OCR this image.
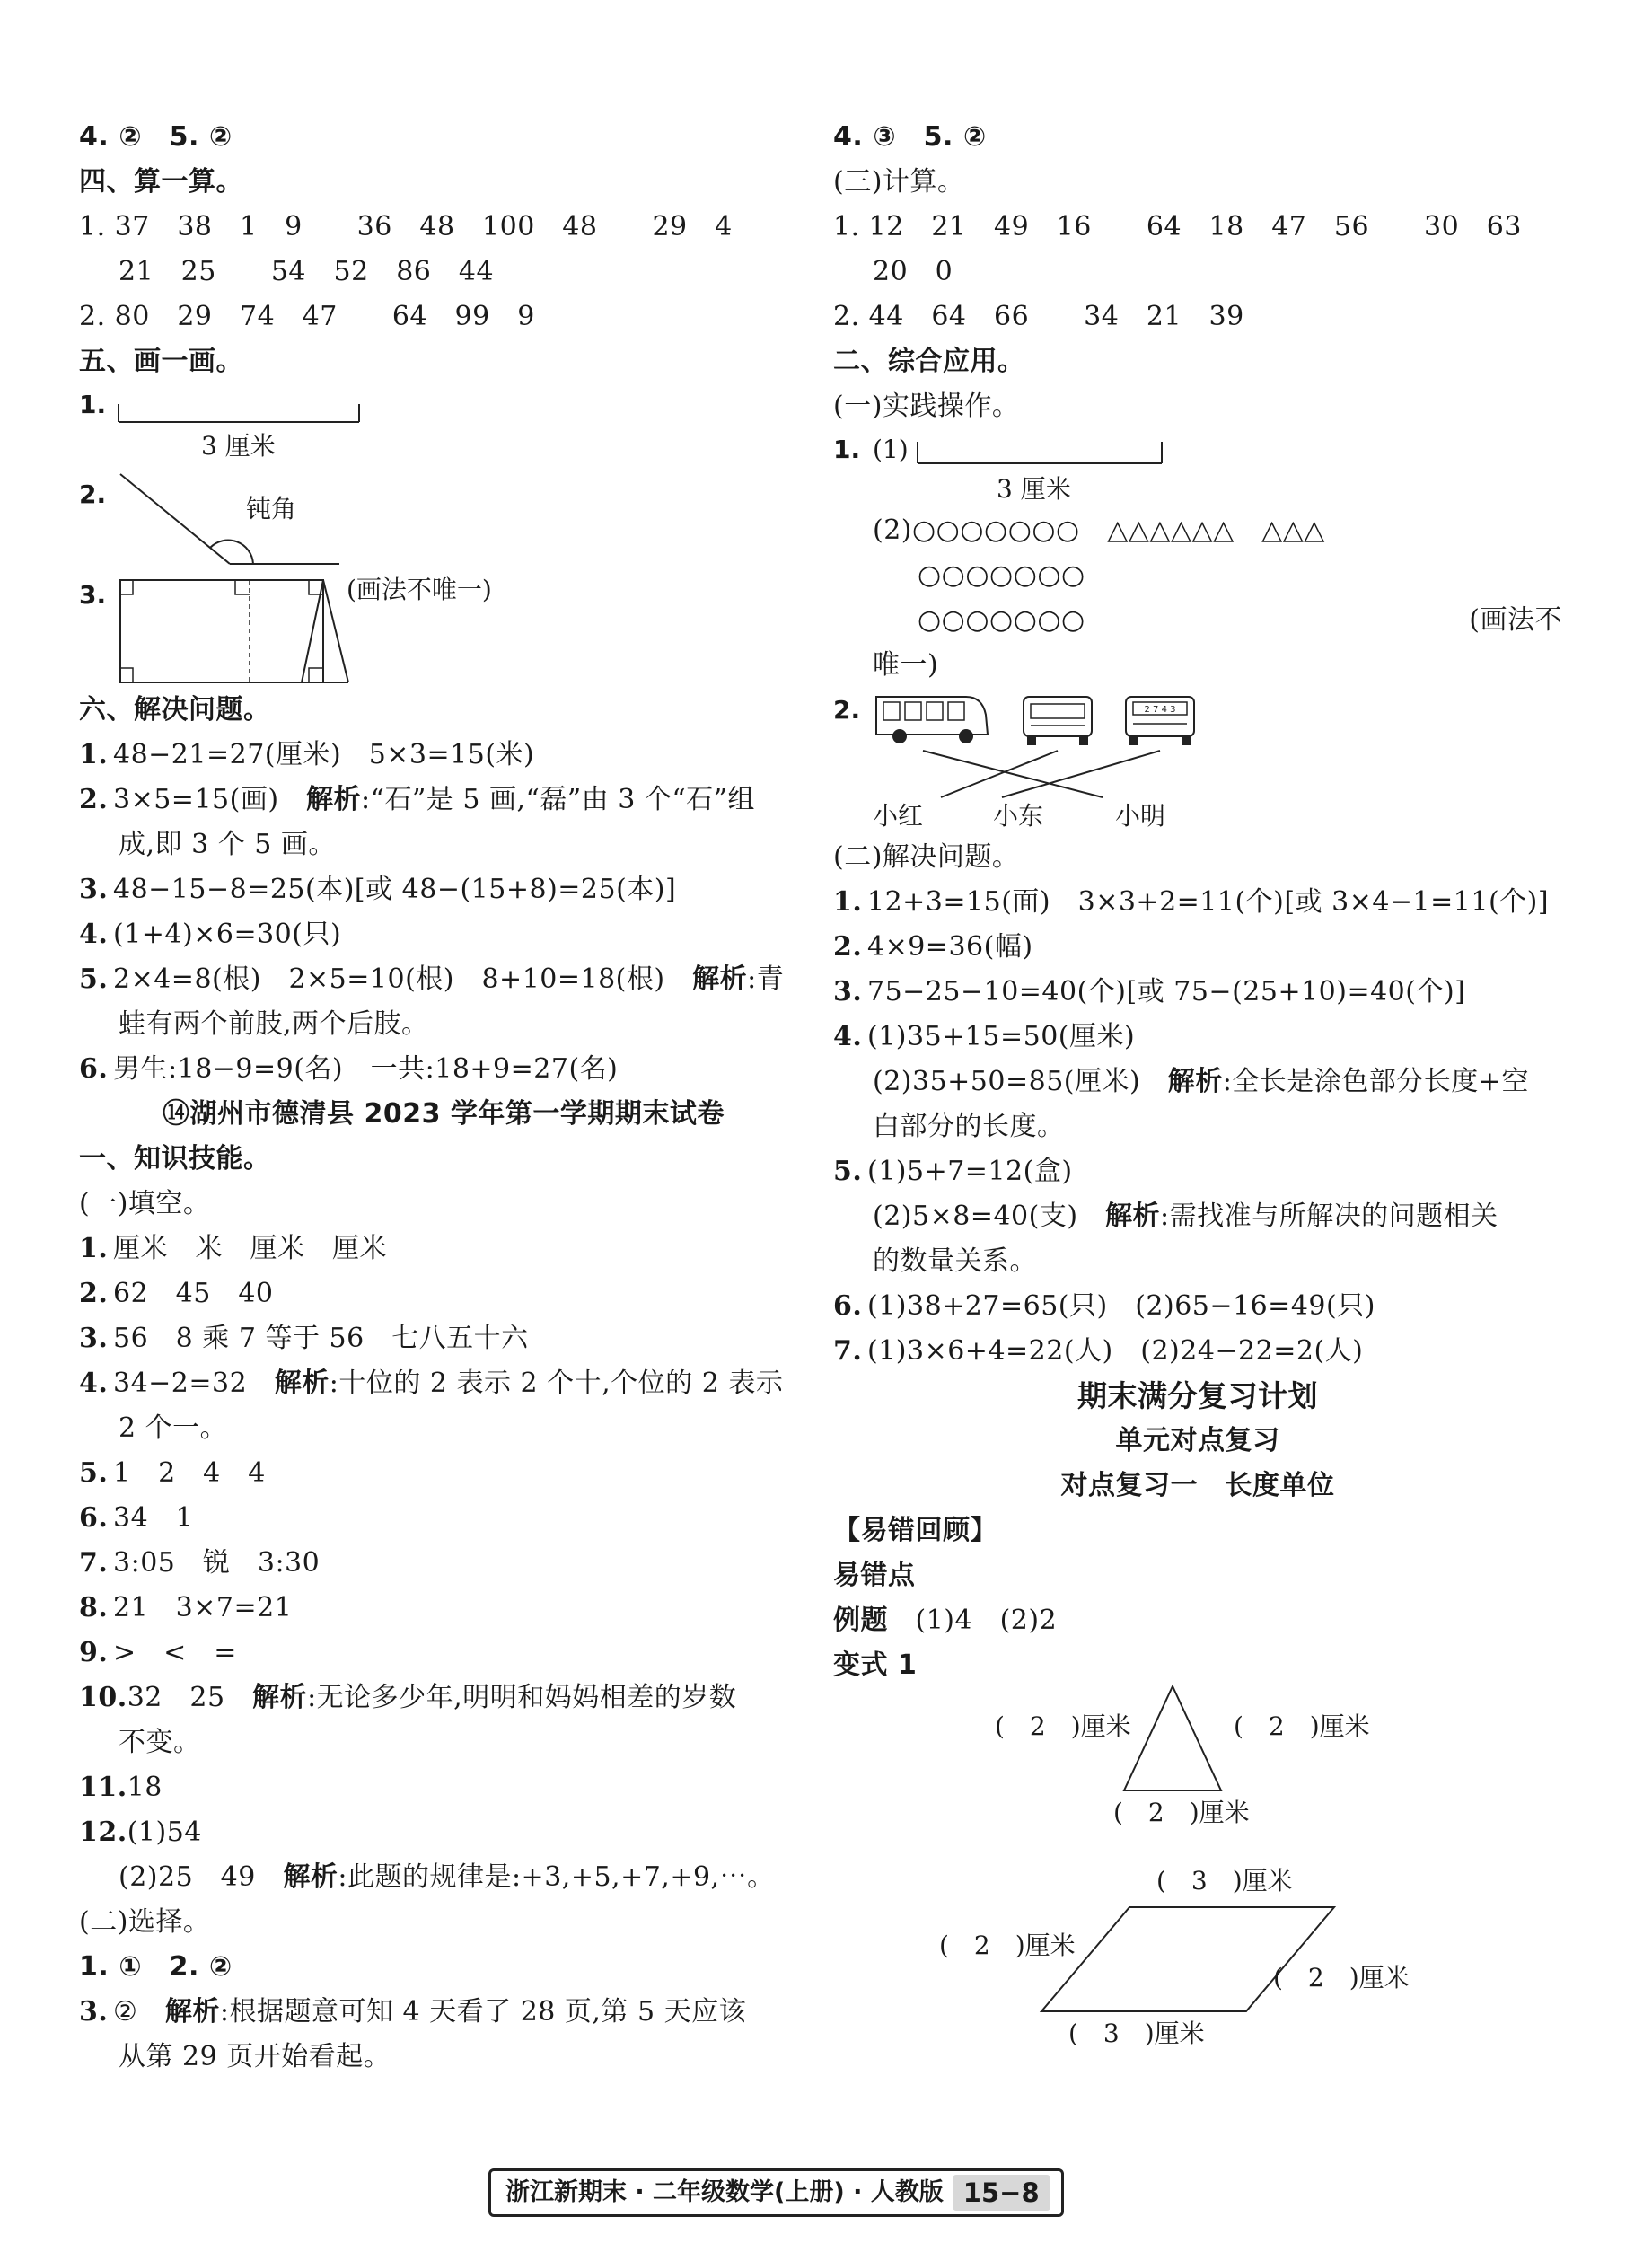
4. ②　5. ②
四、算一算。
1. 37　38　1　9　　36　48　100　48　　29　4
21　25　　54　52　86　44
2. 80　29　74　47　　64　99　9
五、画一画。
1.
3 厘米
2.	钝角
3.	(画法不唯一)
六、解决问题。
1. 48−21=27(厘米)　5×3=15(米)
2. 3×5=15(画)　 解析:“石”是 5 画,“磊”由 3 个“石”组
成,即 3 个 5 画。
3. 48−15−8=25(本)[或 48−(15+8)=25(本)]
4. (1+4)×6=30(只)
5. 2×4=8(根)　2×5=10(根)　8+10=18(根)　 解析:青
蛙有两个前肢,两个后肢。
6. 男生:18−9=9(名)　一共:18+9=27(名)
⑭湖州市德清县 2023 学年第一学期期末试卷
一、知识技能。
(一)填空。
1. 厘米　米　厘米　厘米
2. 62　45　40
3. 56　8 乘 7 等于 56　七八五十六
4. 34−2=32　 解析:十位的 2 表示 2 个十,个位的 2 表示
2 个一。
5. 1　2　4　4
6. 34　1
7. 3:05　锐　3:30
8. 21　3×7=21
9. >　<　=
10.32　25　 解析:无论多少年,明明和妈妈相差的岁数
不变。
11.18
12.(1)54
(2)25　49　 解析:此题的规律是:+3,+5,+7,+9,⋯。
(二)选择。
1. ①　2. ②
3. ②　 解析:根据题意可知 4 天看了 28 页,第 5 天应该
从第 29 页开始看起。
4. ③　5. ②
(三)计算。
1. 12　21　49　16　　64　18　47　56　　30　63
20　0
2. 44　64　66　　34　21　39
二、综合应用。
(一)实践操作。
1. (1)
3 厘米
(2)○○○○○○○　△△△△△△　△△△
○○○○○○○
○○○○○○○	(画法不
唯一)
2.	2 7 4 3
小红	小东	小明
(二)解决问题。
1. 12+3=15(面)　3×3+2=11(个)[或 3×4−1=11(个)]
2. 4×9=36(幅)
3. 75−25−10=40(个)[或 75−(25+10)=40(个)]
4. (1)35+15=50(厘米)
(2)35+50=85(厘米)　 解析:全长是涂色部分长度+空
白部分的长度。
5. (1)5+7=12(盒)
(2)5×8=40(支)　 解析:需找准与所解决的问题相关
的数量关系。
6. (1)38+27=65(只)　(2)65−16=49(只)
7. (1)3×6+4=22(人)　(2)24−22=2(人)
期末满分复习计划
单元对点复习
对点复习一　长度单位
【易错回顾】
易错点
例题　 (1)4　(2)2
变式 1
(　2　)厘米	(　2　)厘米
(　2　)厘米
(　3　)厘米
(　2　)厘米
(　2　)厘米
(　3　)厘米
浙江新期末 · 二年级数学(上册) · 人教版 15−8
